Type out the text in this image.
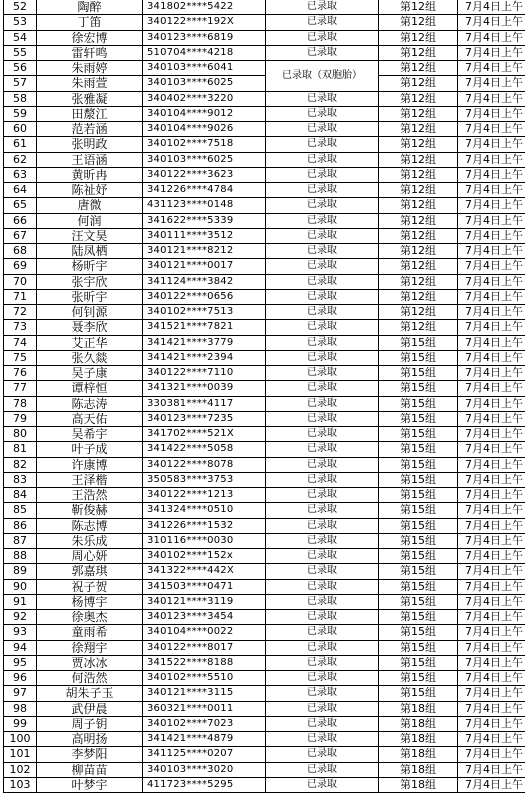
52	陶醉	341802****5422	已录取	第12组	7月4日上午
53	丁笛	340122****192X	已录取	第12组	7月4日上午
54	徐宏博	340123****6819	已录取	第12组	7月4日上午
55	雷轩鸣	510704****4218	已录取	第12组	7月4日上午
56	朱雨婷	340103****6041	已录取（双胞胎）	第12组	7月4日上午
57	朱雨萱	340103****6025		第12组	7月4日上午
58	张雅凝	340402****3220	已录取	第12组	7月4日上午
59	田漦江	340104****9012	已录取	第12组	7月4日上午
60	范若涵	340104****9026	已录取	第12组	7月4日上午
61	张明政	340102****7518	已录取	第12组	7月4日上午
62	王语涵	340103****6025	已录取	第12组	7月4日上午
63	黄昕冉	340122****3623	已录取	第12组	7月4日上午
64	陈祉妤	341226****4784	已录取	第12组	7月4日上午
65	唐微	431123****0148	已录取	第12组	7月4日上午
66	何润	341622****5339	已录取	第12组	7月4日上午
67	汪文昊	340111****3512	已录取	第12组	7月4日上午
68	陆凤栖	340121****8212	已录取	第12组	7月4日上午
69	杨昕宇	340121****0017	已录取	第12组	7月4日上午
70	张宇欣	341124****3842	已录取	第12组	7月4日上午
71	张昕宇	340122****0656	已录取	第12组	7月4日上午
72	何钊源	340102****7513	已录取	第12组	7月4日上午
73	聂李欣	341521****7821	已录取	第12组	7月4日上午
74	艾正华	341421****3779	已录取	第15组	7月4日上午
75	张久燚	341421****2394	已录取	第15组	7月4日上午
76	吴子康	340122****7110	已录取	第15组	7月4日上午
77	谭梓恒	341321****0039	已录取	第15组	7月4日上午
78	陈志涛	330381****4117	已录取	第15组	7月4日上午
79	高天佑	340123****7235	已录取	第15组	7月4日上午
80	吴希宇	341702****521X	已录取	第15组	7月4日上午
81	叶子成	341422****5058	已录取	第15组	7月4日上午
82	许康博	340122****8078	已录取	第15组	7月4日上午
83	王泽楷	350583****3753	已录取	第15组	7月4日上午
84	王浩然	340122****1213	已录取	第15组	7月4日上午
85	靳俊赫	341324****0510	已录取	第15组	7月4日上午
86	陈志博	341226****1532	已录取	第15组	7月4日上午
87	朱乐成	310116****0030	已录取	第15组	7月4日上午
88	周心妍	340102****152x	已录取	第15组	7月4日上午
89	郭嘉琪	341322****442X	已录取	第15组	7月4日上午
90	祝子贺	341503****0471	已录取	第15组	7月4日上午
91	杨博宇	340121****3119	已录取	第15组	7月4日上午
92	徐奥杰	340123****3454	已录取	第15组	7月4日上午
93	童雨希	340104****0022	已录取	第15组	7月4日上午
94	徐翔宇	340122****8017	已录取	第15组	7月4日上午
95	贾冰冰	341522****8188	已录取	第15组	7月4日上午
96	何浩然	340102****5510	已录取	第15组	7月4日上午
97	胡朱子玉	340121****3115	已录取	第15组	7月4日上午
98	武伊晨	360321****0011	已录取	第18组	7月4日上午
99	周子钥	340102****7023	已录取	第18组	7月4日上午
100	高明扬	341421****4879	已录取	第18组	7月4日上午
101	李梦阳	341125****0207	已录取	第18组	7月4日上午
102	柳苗苗	340103****3020	已录取	第18组	7月4日上午
103	叶梦宇	411723****5295	已录取	第18组	7月4日上午
